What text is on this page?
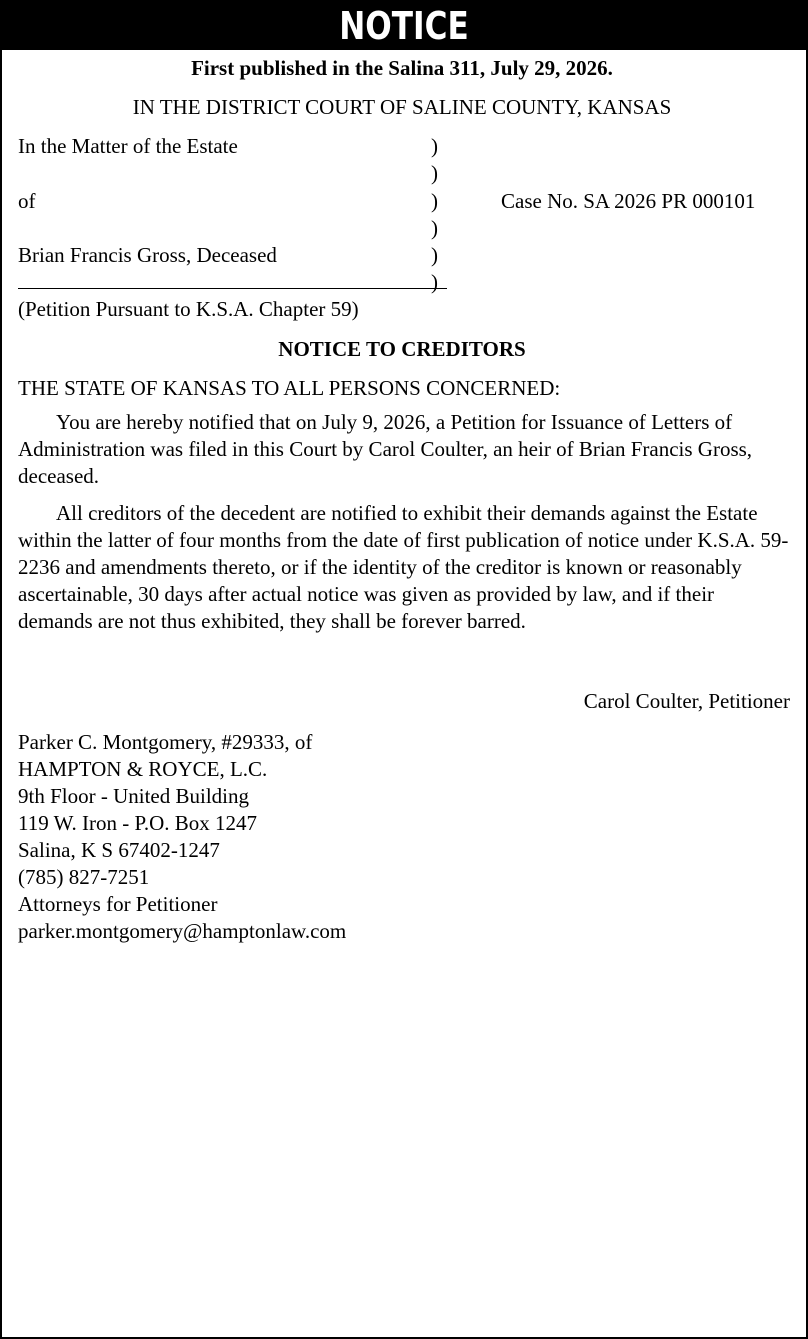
NOTICE
First published in the Salina 311, July 29, 2026.
IN THE DISTRICT COURT OF SALINE COUNTY, KANSAS
In the Matter of the Estate
of
Brian Francis Gross, Deceased
)
)
)
)
)
)
Case No. SA 2026 PR 000101
(Petition Pursuant to K.S.A. Chapter 59)
NOTICE TO CREDITORS
THE STATE OF KANSAS TO ALL PERSONS CONCERNED:
You are hereby notified that on July 9, 2026, a Petition for Issuance of Letters of Administration was filed in this Court by Carol Coulter, an heir of Brian Francis Gross, deceased.
All creditors of the decedent are notified to exhibit their demands against the Estate within the latter of four months from the date of first publication of notice under K.S.A. 59-2236 and amendments thereto, or if the identity of the creditor is known or reasonably ascertainable, 30 days after actual notice was given as provided by law, and if their demands are not thus exhibited, they shall be forever barred.
Carol Coulter, Petitioner
Parker C. Montgomery, #29333, of
HAMPTON & ROYCE, L.C.
9th Floor - United Building
119 W. Iron - P.O. Box 1247
Salina, K S 67402-1247
(785) 827-7251
Attorneys for Petitioner
parker.montgomery@hamptonlaw.com
